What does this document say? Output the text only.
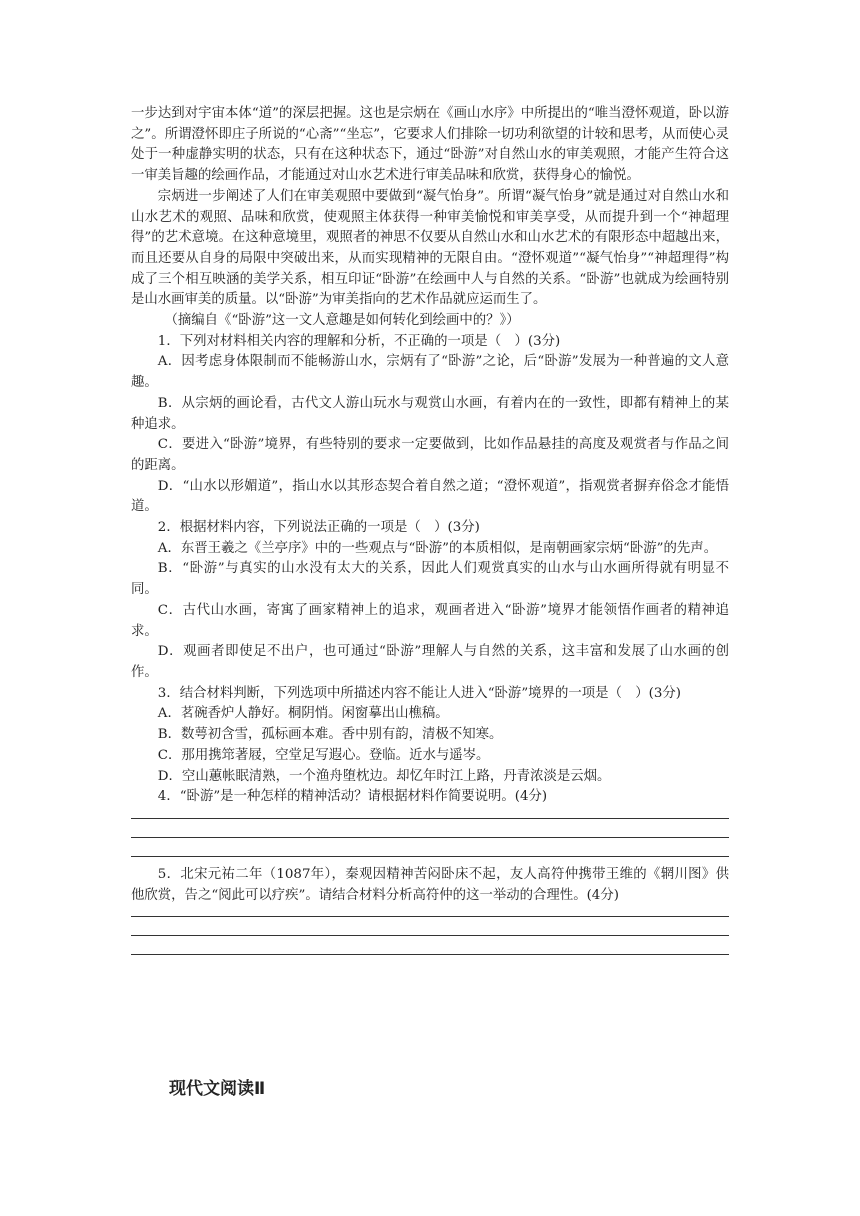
一步达到对宇宙本体“道”的深层把握。这也是宗炳在《画山水序》中所提出的“唯当澄怀观道，卧以游之”。所谓澄怀即庄子所说的“心斋”“坐忘”，它要求人们排除一切功利欲望的计较和思考，从而使心灵处于一种虚静实明的状态，只有在这种状态下，通过“卧游”对自然山水的审美观照，才能产生符合这一审美旨趣的绘画作品，才能通过对山水艺术进行审美品味和欣赏，获得身心的愉悦。

宗炳进一步阐述了人们在审美观照中要做到“凝气怡身”。所谓“凝气怡身”就是通过对自然山水和山水艺术的观照、品味和欣赏，使观照主体获得一种审美愉悦和审美享受，从而提升到一个“神超理得”的艺术意境。在这种意境里，观照者的神思不仅要从自然山水和山水艺术的有限形态中超越出来，而且还要从自身的局限中突破出来，从而实现精神的无限自由。“澄怀观道”“凝气怡身”“神超理得”构成了三个相互映涵的美学关系，相互印证“卧游”在绘画中人与自然的关系。“卧游”也就成为绘画特别是山水画审美的质量。以“卧游”为审美指向的艺术作品就应运而生了。

（摘编自《“卧游”这一文人意趣是如何转化到绘画中的？》）

1．下列对材料相关内容的理解和分析，不正确的一项是（　）(3分)

A．因考虑身体限制而不能畅游山水，宗炳有了“卧游”之论，后“卧游”发展为一种普遍的文人意趣。

B．从宗炳的画论看，古代文人游山玩水与观赏山水画，有着内在的一致性，即都有精神上的某种追求。

C．要进入“卧游”境界，有些特别的要求一定要做到，比如作品悬挂的高度及观赏者与作品之间的距离。

D．“山水以形媚道”，指山水以其形态契合着自然之道；“澄怀观道”，指观赏者摒弃俗念才能悟道。

2．根据材料内容，下列说法正确的一项是（　）(3分)

A．东晋王羲之《兰亭序》中的一些观点与“卧游”的本质相似，是南朝画家宗炳“卧游”的先声。

B．“卧游”与真实的山水没有太大的关系，因此人们观赏真实的山水与山水画所得就有明显不同。

C．古代山水画，寄寓了画家精神上的追求，观画者进入“卧游”境界才能领悟作画者的精神追求。

D．观画者即使足不出户，也可通过“卧游”理解人与自然的关系，这丰富和发展了山水画的创作。

3．结合材料判断，下列选项中所描述内容不能让人进入“卧游”境界的一项是（　）(3分)

A．茗碗香炉人静好。桐阴悄。闲窗摹出山樵稿。

B．数萼初含雪，孤标画本难。香中别有韵，清极不知寒。

C．那用携筇著屐，空堂足写遐心。登临。近水与遥岑。

D．空山蕙帐眠清熟，一个渔舟堕枕边。却忆年时江上路，丹青浓淡是云烟。

4．“卧游”是一种怎样的精神活动？请根据材料作简要说明。(4分)

5．北宋元祐二年（1087年），秦观因精神苦闷卧床不起，友人高符仲携带王维的《辋川图》供他欣赏，告之“阅此可以疗疾”。请结合材料分析高符仲的这一举动的合理性。(4分)

现代文阅读Ⅱ
